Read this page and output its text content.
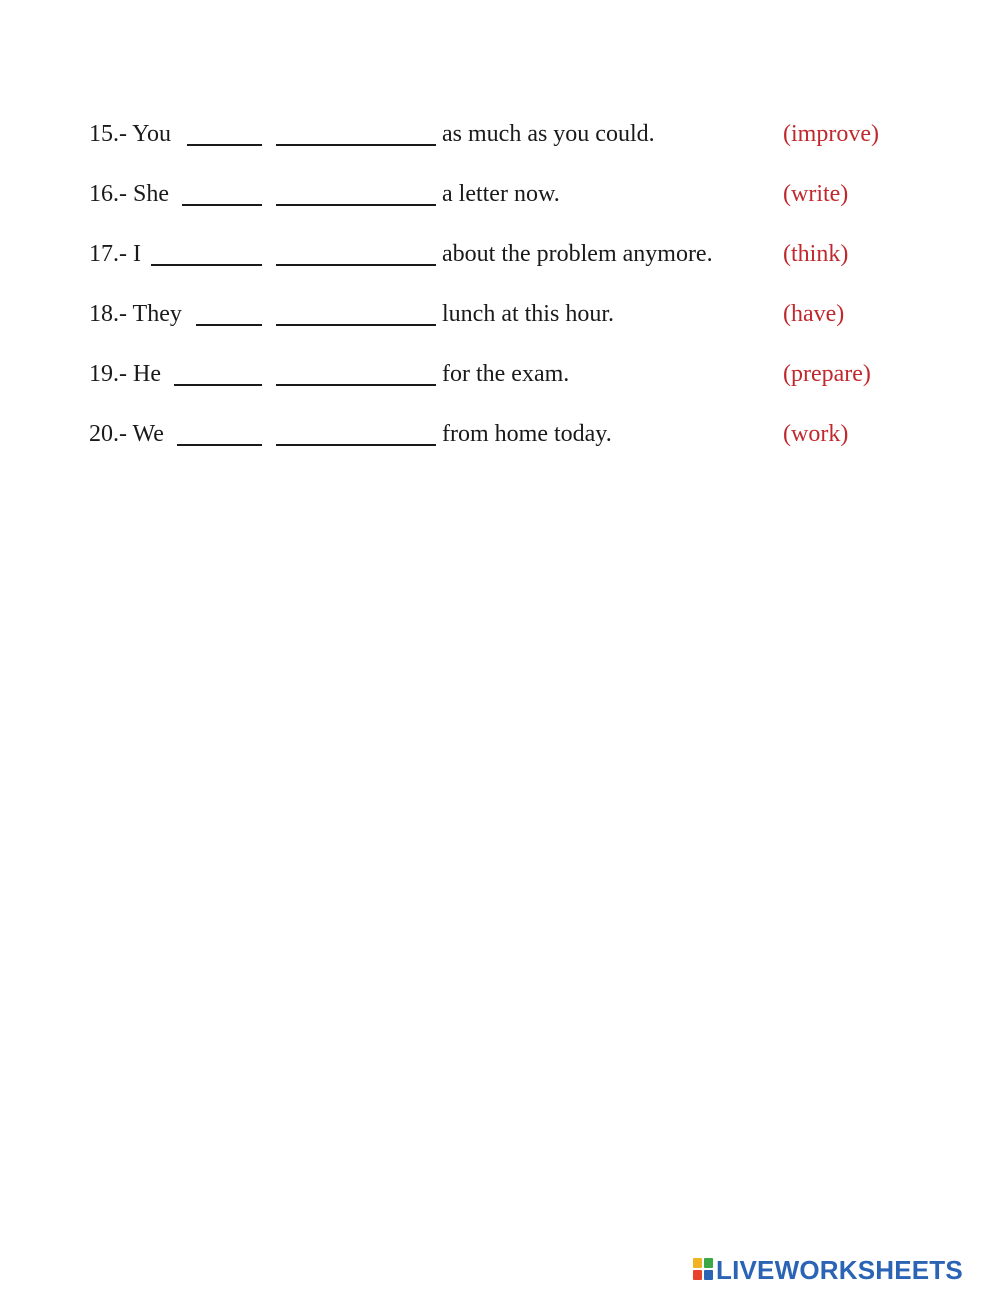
15.- You	as much as you could.	(improve)
16.- She	a letter now.	(write)
17.- I	about the problem anymore.	(think)
18.- They	lunch at this hour.	(have)
19.- He	for the exam.	(prepare)
20.- We	from home today.	(work)
LIVEWORKSHEETS
